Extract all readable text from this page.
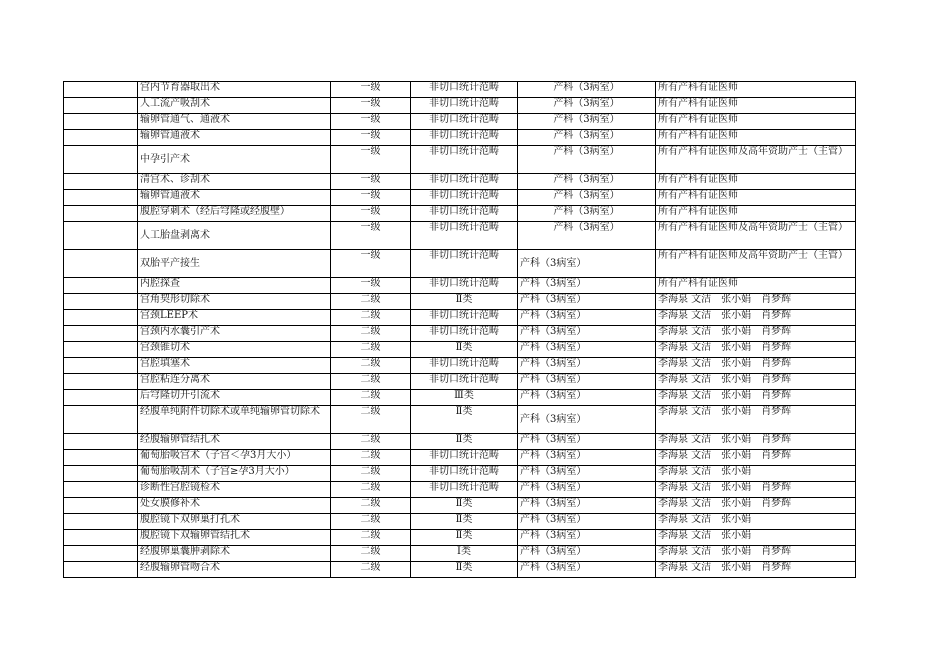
	宫内节育器取出术	一级	非切口统计范畴	产科（3病室）	所有产科有证医师
	人工流产吸刮术	一级	非切口统计范畴	产科（3病室）	所有产科有证医师
	输卵管通气、通液术	一级	非切口统计范畴	产科（3病室）	所有产科有证医师
	输卵管通液术	一级	非切口统计范畴	产科（3病室）	所有产科有证医师
	中孕引产术	一级	非切口统计范畴	产科（3病室）	所有产科有证医师及高年资助产士（主管）
	清宫术、诊刮术	一级	非切口统计范畴	产科（3病室）	所有产科有证医师
	输卵管通液术	一级	非切口统计范畴	产科（3病室）	所有产科有证医师
	腹腔穿刺术（经后穹隆或经腹壁）	一级	非切口统计范畴	产科（3病室）	所有产科有证医师
	人工胎盘剥离术	一级	非切口统计范畴	产科（3病室）	所有产科有证医师及高年资助产士（主管）
	双胎平产接生	一级	非切口统计范畴	产科（3病室）	所有产科有证医师及高年资助产士（主管）
	内腔探查	一级	非切口统计范畴	产科（3病室）	所有产科有证医师
	宫角契形切除术	二级	Ⅱ类	产科（3病室）	李海泉 文洁　张小娟　肖梦辉
	宫颈LEEP术	二级	非切口统计范畴	产科（3病室）	李海泉 文洁　张小娟　肖梦辉
	宫颈内水囊引产术	二级	非切口统计范畴	产科（3病室）	李海泉 文洁　张小娟　肖梦辉
	宫颈锥切术	二级	Ⅱ类	产科（3病室）	李海泉 文洁　张小娟　肖梦辉
	宫腔填塞术	二级	非切口统计范畴	产科（3病室）	李海泉 文洁　张小娟　肖梦辉
	宫腔粘连分离术	二级	非切口统计范畴	产科（3病室）	李海泉 文洁　张小娟　肖梦辉
	后穹隆切开引流术	二级	Ⅲ类	产科（3病室）	李海泉 文洁　张小娟　肖梦辉
	经腹单纯附件切除术或单纯输卵管切除术	二级	Ⅱ类	产科（3病室）	李海泉 文洁　张小娟　肖梦辉
	经腹输卵管结扎术	二级	Ⅱ类	产科（3病室）	李海泉 文洁　张小娟　肖梦辉
	葡萄胎吸宫术（子宫＜孕3月大小）	二级	非切口统计范畴	产科（3病室）	李海泉 文洁　张小娟　肖梦辉
	葡萄胎吸刮术（子宫≥孕3月大小）	二级	非切口统计范畴	产科（3病室）	李海泉 文洁　张小娟
	诊断性宫腔镜检术	二级	非切口统计范畴	产科（3病室）	李海泉 文洁　张小娟　肖梦辉
	处女膜修补术	二级	Ⅱ类	产科（3病室）	李海泉 文洁　张小娟　肖梦辉
	腹腔镜下双卵巢打孔术	二级	Ⅱ类	产科（3病室）	李海泉 文洁　张小娟
	腹腔镜下双输卵管结扎术	二级	Ⅱ类	产科（3病室）	李海泉 文洁　张小娟
	经腹卵巢囊肿剥除术	二级	Ⅰ类	产科（3病室）	李海泉 文洁　张小娟　肖梦辉
	经腹输卵管吻合术	二级	Ⅱ类	产科（3病室）	李海泉 文洁　张小娟　肖梦辉
